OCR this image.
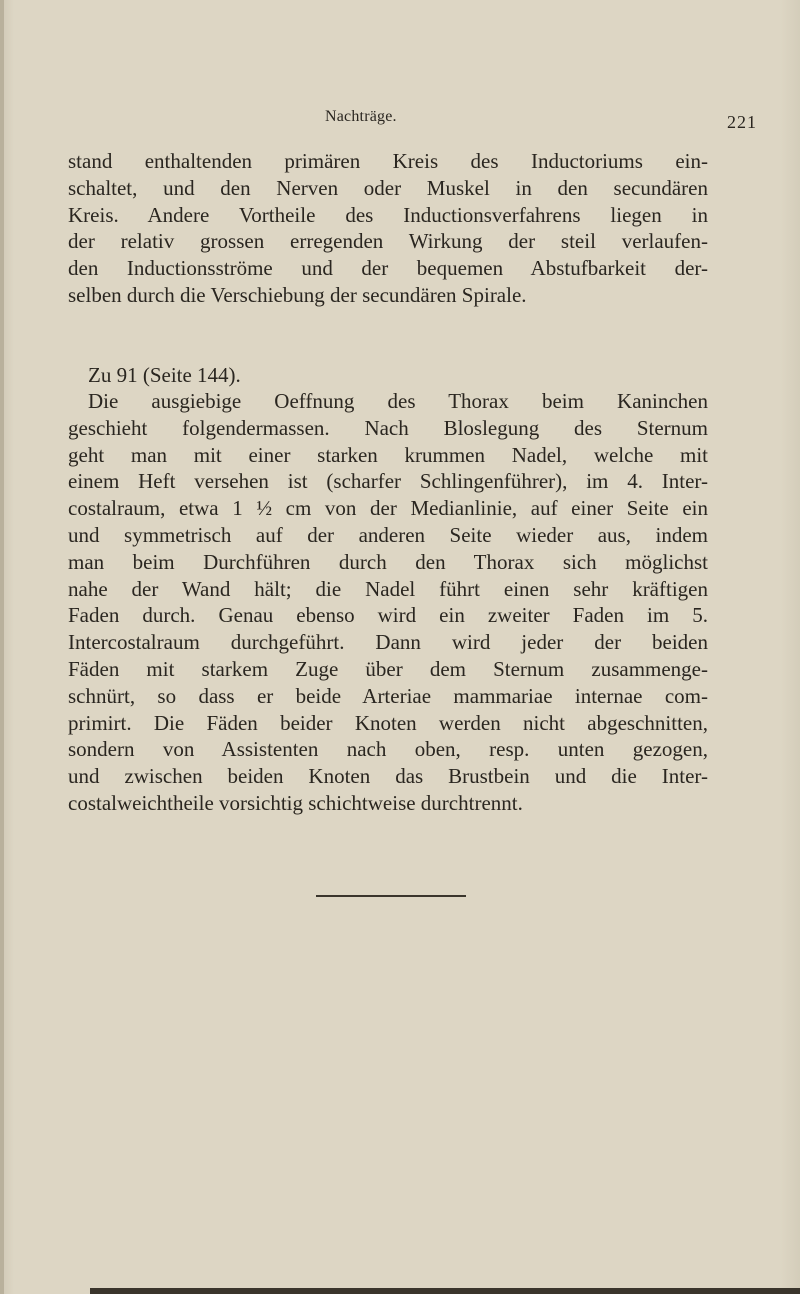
Nachträge.	221
stand enthaltenden primären Kreis des Inductoriums ein-
schaltet, und den Nerven oder Muskel in den secundären
Kreis. Andere Vortheile des Inductionsverfahrens liegen in
der relativ grossen erregenden Wirkung der steil verlaufen-
den Inductionsströme und der bequemen Abstufbarkeit der-
selben durch die Verschiebung der secundären Spirale.
Zu 91 (Seite 144).
Die ausgiebige Oeffnung des Thorax beim Kaninchen
geschieht folgendermassen. Nach Bloslegung des Sternum
geht man mit einer starken krummen Nadel, welche mit
einem Heft versehen ist (scharfer Schlingenführer), im 4. Inter-
costalraum, etwa 1 ½ cm von der Medianlinie, auf einer Seite ein
und symmetrisch auf der anderen Seite wieder aus, indem
man beim Durchführen durch den Thorax sich möglichst
nahe der Wand hält; die Nadel führt einen sehr kräftigen
Faden durch. Genau ebenso wird ein zweiter Faden im 5.
Intercostalraum durchgeführt. Dann wird jeder der beiden
Fäden mit starkem Zuge über dem Sternum zusammenge-
schnürt, so dass er beide Arteriae mammariae internae com-
primirt. Die Fäden beider Knoten werden nicht abgeschnitten,
sondern von Assistenten nach oben, resp. unten gezogen,
und zwischen beiden Knoten das Brustbein und die Inter-
costalweichtheile vorsichtig schichtweise durchtrennt.
